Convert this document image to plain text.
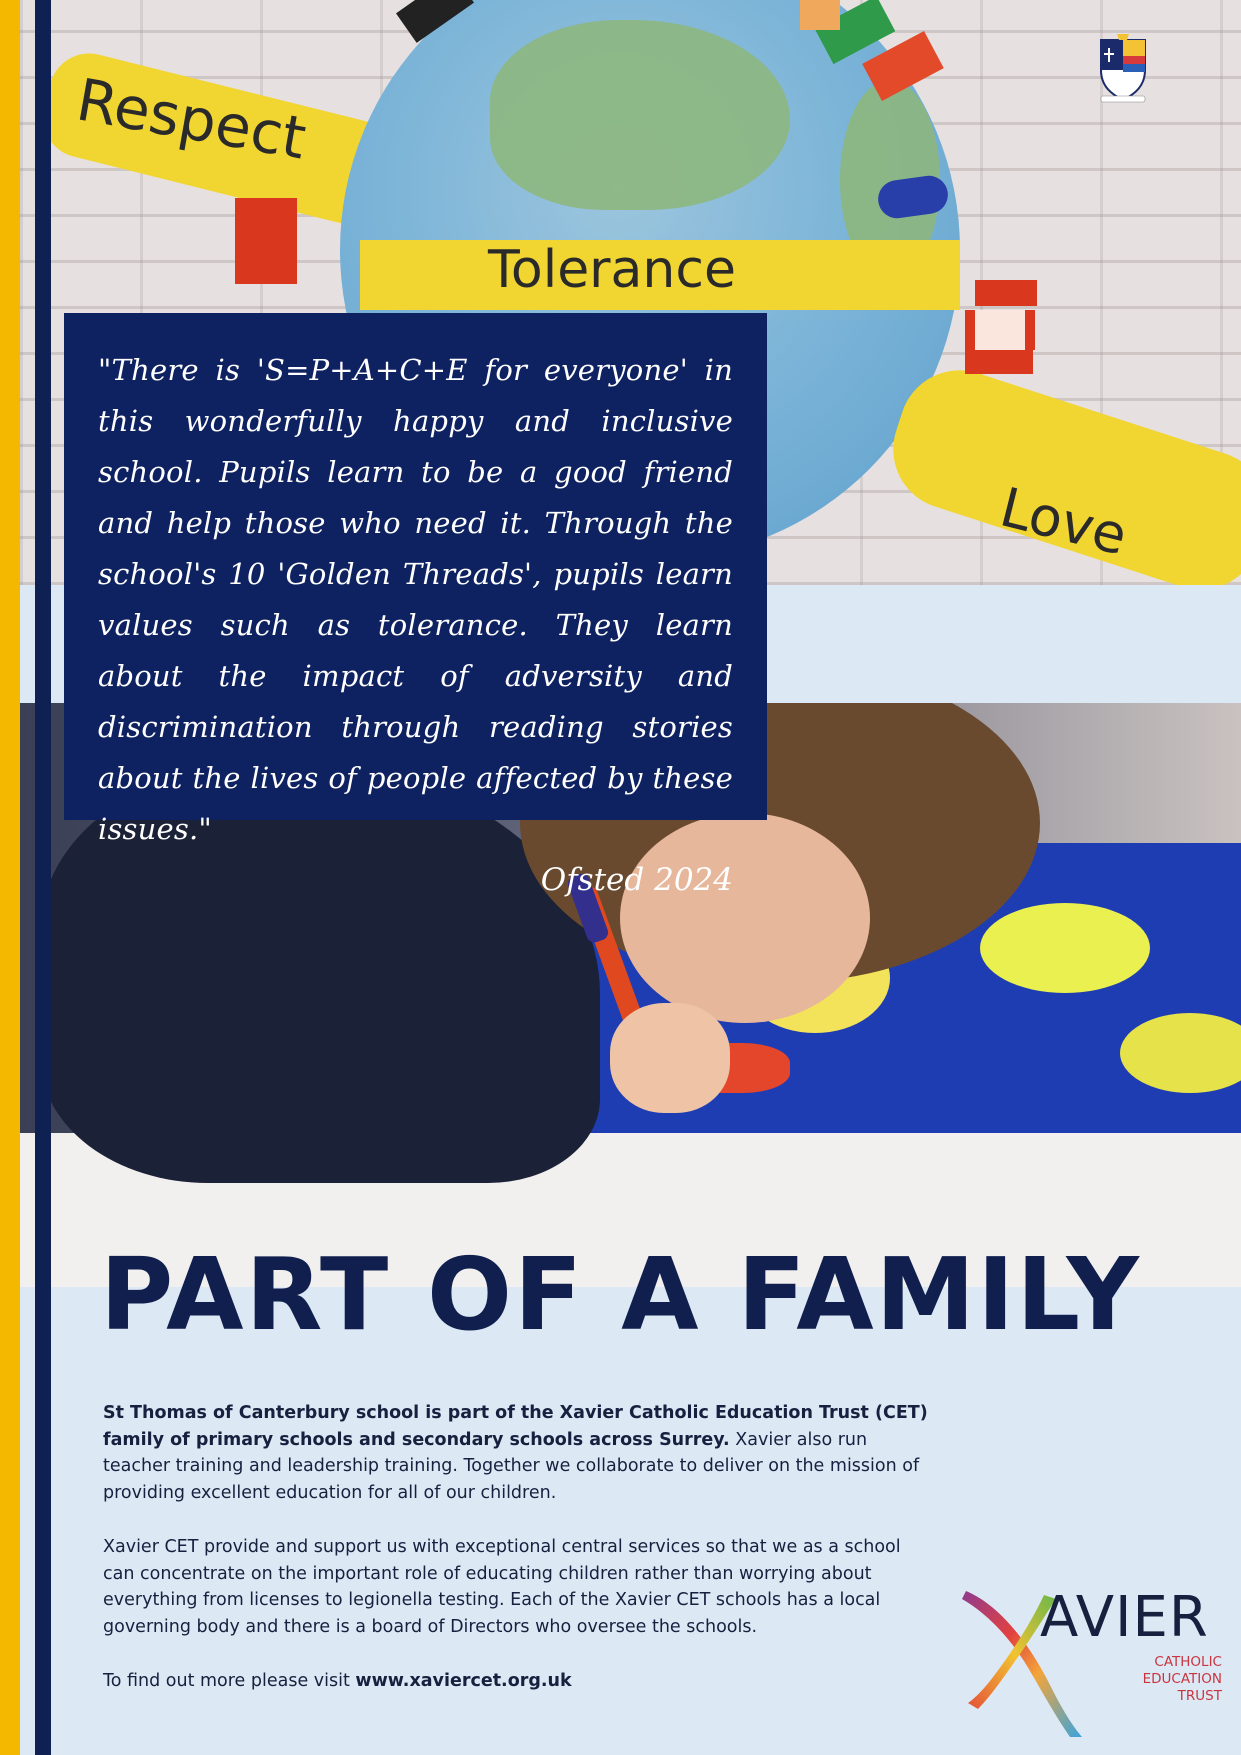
Respect
Tolerance
Love

"There is 'S=P+A+C+E for everyone' in this wonderfully happy and inclusive school. Pupils learn to be a good friend and help those who need it. Through the school's 10 'Golden Threads', pupils learn values such as tolerance. They learn about the impact of adversity and discrimination through reading stories about the lives of people affected by these issues."

Ofsted 2024
PART OF A FAMILY

St Thomas of Canterbury school is part of the Xavier Catholic Education Trust (CET) family of primary schools and secondary schools across Surrey. Xavier also run teacher training and leadership training. Together we collaborate to deliver on the mission of providing excellent education for all of our children.

Xavier CET provide and support us with exceptional central services so that we as a school can concentrate on the important role of educating children rather than worrying about everything from licenses to legionella testing. Each of the Xavier CET schools has a local governing body and there is a board of Directors who oversee the schools.

To find out more please visit www.xaviercet.org.uk

AVIER
CATHOLIC
EDUCATION
TRUST
